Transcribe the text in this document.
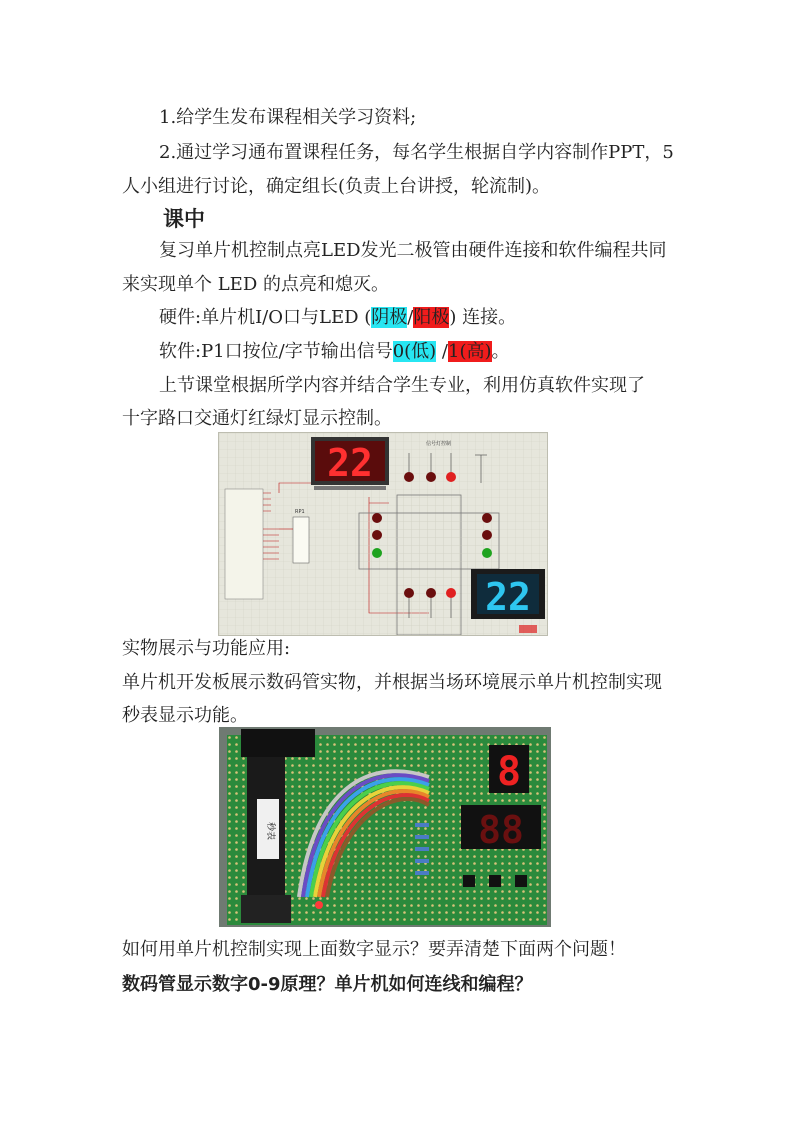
1.给学生发布课程相关学习资料;
2.通过学习通布置课程任务，每名学生根据自学内容制作PPT，5
人小组进行讨论，确定组长(负责上台讲授，轮流制)。
课中
复习单片机控制点亮LED发光二极管由硬件连接和软件编程共同
来实现单个 LED 的点亮和熄灭。
硬件:单片机I/O口与LED (阴极/阳极) 连接。
软件:P1口按位/字节输出信号0(低) /1(高)。
上节课堂根据所学内容并结合学生专业，利用仿真软件实现了
十字路口交通灯红绿灯显示控制。
22	信号灯控制
RP1
22
实物展示与功能应用:
单片机开发板展示数码管实物，并根据当场环境展示单片机控制实现
秒表显示功能。
秒表
8
88
如何用单片机控制实现上面数字显示？要弄清楚下面两个问题！
数码管显示数字0-9原理？单片机如何连线和编程？
